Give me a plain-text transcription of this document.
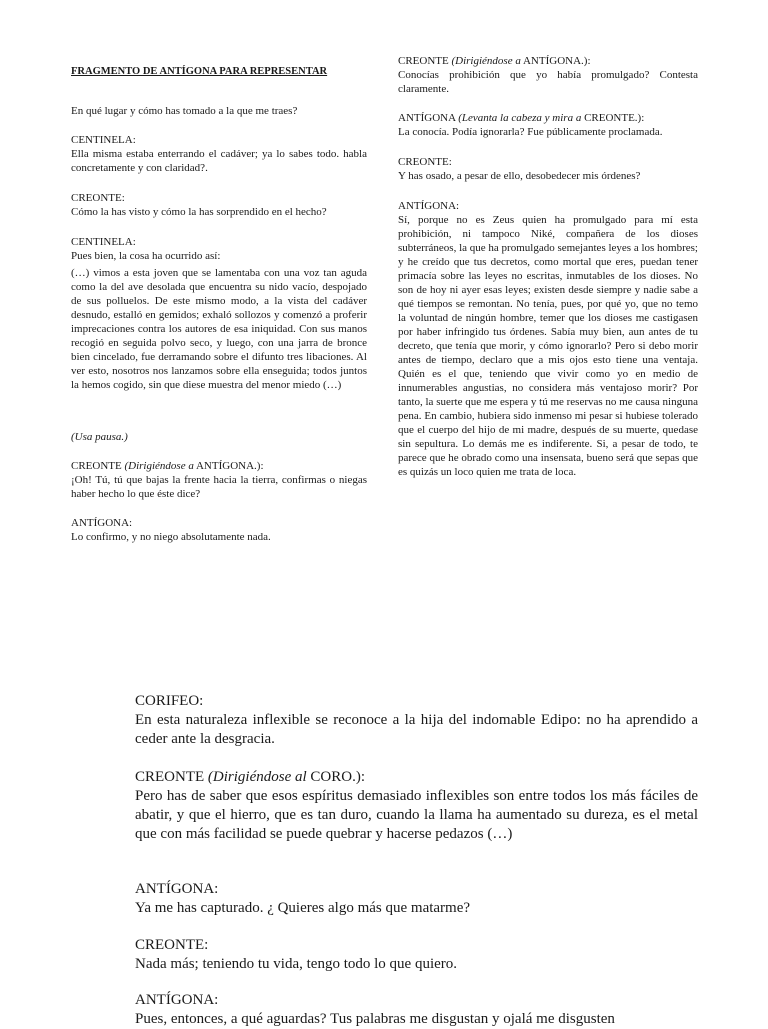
FRAGMENTO DE ANTÍGONA PARA REPRESENTAR
En qué lugar y cómo has tomado a la que me traes?
CENTINELA:
Ella misma estaba enterrando el cadáver; ya lo sabes todo. habla concretamente y con claridad?.
CREONTE:
Cómo la has visto y cómo la has sorprendido en el hecho?
CENTINELA:
Pues bien, la cosa ha ocurrido así:
(…) vimos a esta joven que se lamentaba con una voz tan aguda como la del ave desolada que encuentra su nido vacío, despojado de sus polluelos. De este mismo modo, a la vista del cadáver desnudo, estalló en gemidos; exhaló sollozos y comenzó a proferir imprecaciones contra los autores de esa iniquidad. Con sus manos recogió en seguida polvo seco, y luego, con una jarra de bronce bien cincelado, fue derramando sobre el difunto tres libaciones. Al ver esto, nosotros nos lanzamos sobre ella enseguida; todos juntos la hemos cogido, sin que diese muestra del menor miedo (…)
(Usa pausa.)
CREONTE (Dirigiéndose a ANTÍGONA.):
¡Oh! Tú, tú que bajas la frente hacia la tierra, confirmas o niegas haber hecho lo que éste dice?
ANTÍGONA:
Lo confirmo, y no niego absolutamente nada.
CREONTE (Dirigiéndose a ANTÍGONA.):
Conocías prohibición que yo había promulgado? Contesta claramente.
ANTÍGONA (Levanta la cabeza y mira a CREONTE.):
La conocía. Podía ignorarla? Fue públicamente proclamada.
CREONTE:
Y has osado, a pesar de ello, desobedecer mis órdenes?
ANTÍGONA:
Sí, porque no es Zeus quien ha promulgado para mí esta prohibición, ni tampoco Niké, compañera de los dioses subterráneos, la que ha promulgado semejantes leyes a los hombres; y he creído que tus decretos, como mortal que eres, puedan tener primacía sobre las leyes no escritas, inmutables de los dioses. No son de hoy ni ayer esas leyes; existen desde siempre y nadie sabe a qué tiempos se remontan. No tenía, pues, por qué yo, que no temo la voluntad de ningún hombre, temer que los dioses me castigasen por haber infringido tus órdenes. Sabía muy bien, aun antes de tu decreto, que tenía que morir, y cómo ignorarlo? Pero si debo morir antes de tiempo, declaro que a mis ojos esto tiene una ventaja. Quién es el que, teniendo que vivir como yo en medio de innumerables angustias, no considera más ventajoso morir? Por tanto, la suerte que me espera y tú me reservas no me causa ninguna pena. En cambio, hubiera sido inmenso mi pesar si hubiese tolerado que el cuerpo del hijo de mi madre, después de su muerte, quedase sin sepultura. Lo demás me es indiferente. Si, a pesar de todo, te parece que he obrado como una insensata, bueno será que sepas que es quizás un loco quien me trata de loca.
CORIFEO:
En esta naturaleza inflexible se reconoce a la hija del indomable Edipo: no ha aprendido a ceder ante la desgracia.
CREONTE (Dirigiéndose al CORO.):
Pero has de saber que esos espíritus demasiado inflexibles son entre todos los más fáciles de abatir, y que el hierro, que es tan duro, cuando la llama ha aumentado su dureza, es el metal que con más facilidad se puede quebrar y hacerse pedazos (…)
ANTÍGONA:
Ya me has capturado. ¿ Quieres algo más que matarme?
CREONTE:
Nada más; teniendo tu vida, tengo todo lo que quiero.
ANTÍGONA:
Pues, entonces, a qué aguardas? Tus palabras me disgustan y ojalá me disgusten
